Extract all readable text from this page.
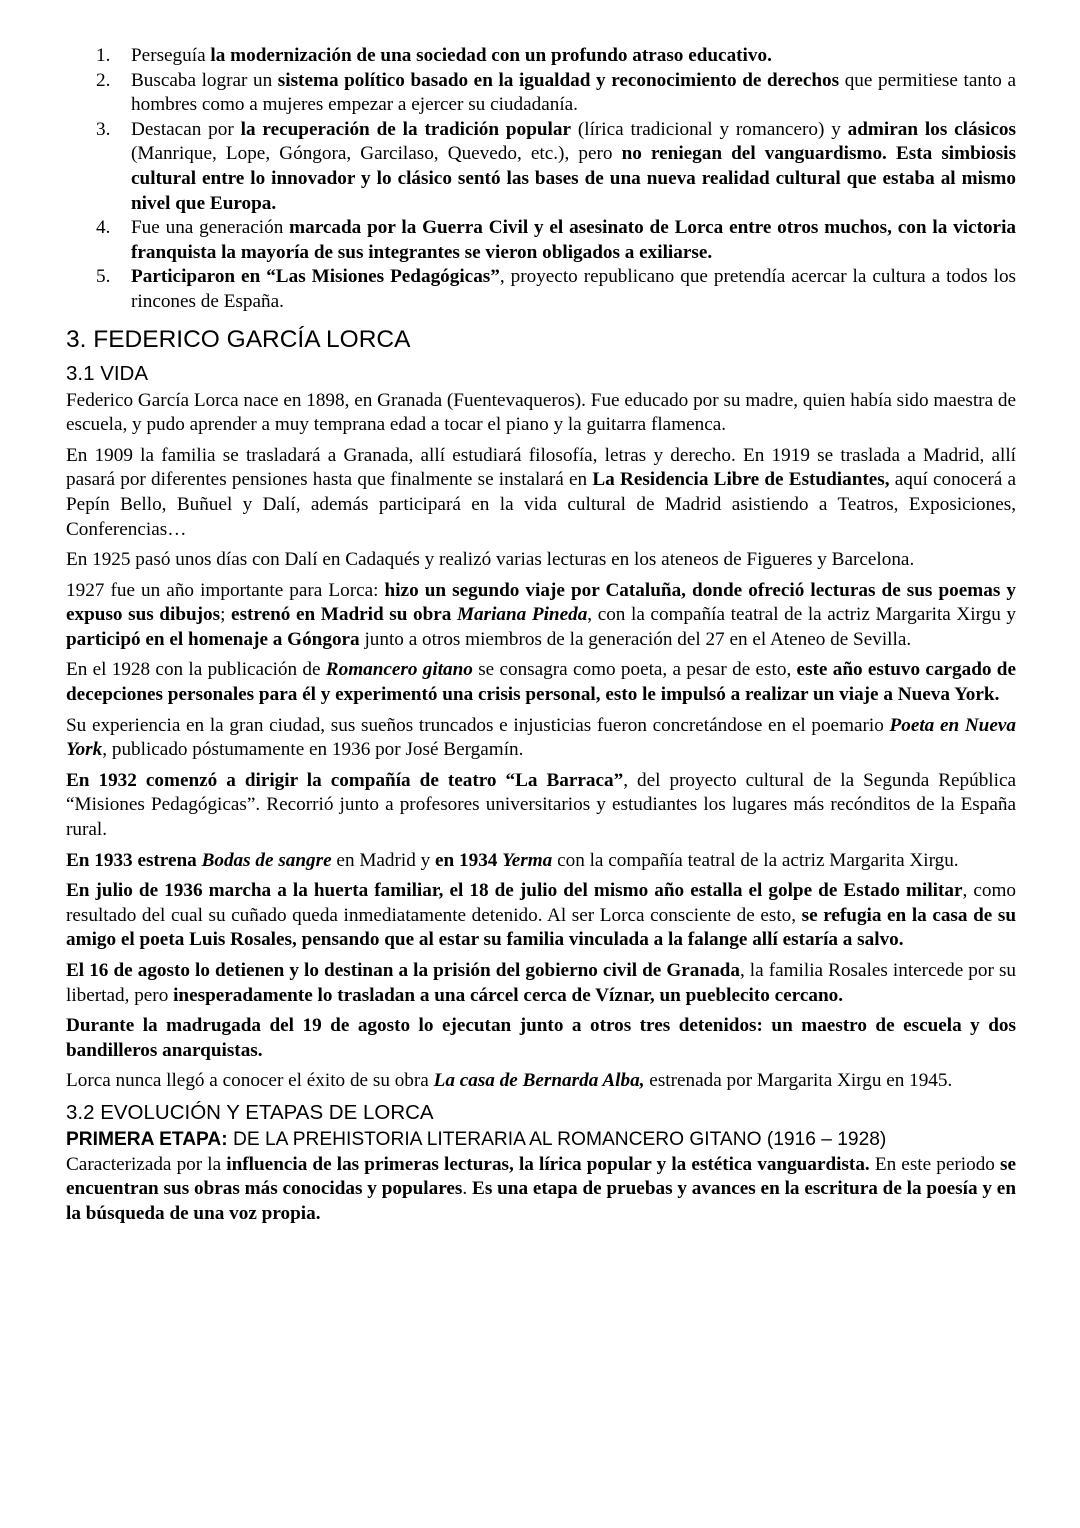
1. Perseguía la modernización de una sociedad con un profundo atraso educativo.
2. Buscaba lograr un sistema político basado en la igualdad y reconocimiento de derechos que permitiese tanto a hombres como a mujeres empezar a ejercer su ciudadanía.
3. Destacan por la recuperación de la tradición popular (lírica tradicional y romancero) y admiran los clásicos (Manrique, Lope, Góngora, Garcilaso, Quevedo, etc.), pero no reniegan del vanguardismo. Esta simbiosis cultural entre lo innovador y lo clásico sentó las bases de una nueva realidad cultural que estaba al mismo nivel que Europa.
4. Fue una generación marcada por la Guerra Civil y el asesinato de Lorca entre otros muchos, con la victoria franquista la mayoría de sus integrantes se vieron obligados a exiliarse.
5. Participaron en “Las Misiones Pedagógicas”, proyecto republicano que pretendía acercar la cultura a todos los rincones de España.
3. FEDERICO GARCÍA LORCA
3.1 VIDA

Federico García Lorca nace en 1898, en Granada (Fuentevaqueros). Fue educado por su madre, quien había sido maestra de escuela, y pudo aprender a muy temprana edad a tocar el piano y la guitarra flamenca.

En 1909 la familia se trasladará a Granada, allí estudiará filosofía, letras y derecho. En 1919 se traslada a Madrid, allí pasará por diferentes pensiones hasta que finalmente se instalará en La Residencia Libre de Estudiantes, aquí conocerá a Pepín Bello, Buñuel y Dalí, además participará en la vida cultural de Madrid asistiendo a Teatros, Exposiciones, Conferencias…

En 1925 pasó unos días con Dalí en Cadaqués y realizó varias lecturas en los ateneos de Figueres y Barcelona.

1927 fue un año importante para Lorca: hizo un segundo viaje por Cataluña, donde ofreció lecturas de sus poemas y expuso sus dibujos; estrenó en Madrid su obra Mariana Pineda, con la compañía teatral de la actriz Margarita Xirgu y participó en el homenaje a Góngora junto a otros miembros de la generación del 27 en el Ateneo de Sevilla.

En el 1928 con la publicación de Romancero gitano se consagra como poeta, a pesar de esto, este año estuvo cargado de decepciones personales para él y experimentó una crisis personal, esto le impulsó a realizar un viaje a Nueva York.

Su experiencia en la gran ciudad, sus sueños truncados e injusticias fueron concretándose en el poemario Poeta en Nueva York, publicado póstumamente en 1936 por José Bergamín.

En 1932 comenzó a dirigir la compañía de teatro “La Barraca”, del proyecto cultural de la Segunda República “Misiones Pedagógicas”. Recorrió junto a profesores universitarios y estudiantes los lugares más recónditos de la España rural.

En 1933 estrena Bodas de sangre en Madrid y en 1934 Yerma con la compañía teatral de la actriz Margarita Xirgu.

En julio de 1936 marcha a la huerta familiar, el 18 de julio del mismo año estalla el golpe de Estado militar, como resultado del cual su cuñado queda inmediatamente detenido. Al ser Lorca consciente de esto, se refugia en la casa de su amigo el poeta Luis Rosales, pensando que al estar su familia vinculada a la falange allí estaría a salvo.

El 16 de agosto lo detienen y lo destinan a la prisión del gobierno civil de Granada, la familia Rosales intercede por su libertad, pero inesperadamente lo trasladan a una cárcel cerca de Víznar, un pueblecito cercano.

Durante la madrugada del 19 de agosto lo ejecutan junto a otros tres detenidos: un maestro de escuela y dos bandilleros anarquistas.

Lorca nunca llegó a conocer el éxito de su obra La casa de Bernarda Alba, estrenada por Margarita Xirgu en 1945.

3.2 EVOLUCIÓN Y ETAPAS DE LORCA
PRIMERA ETAPA: DE LA PREHISTORIA LITERARIA AL ROMANCERO GITANO (1916 – 1928)

Caracterizada por la influencia de las primeras lecturas, la lírica popular y la estética vanguardista. En este periodo se encuentran sus obras más conocidas y populares. Es una etapa de pruebas y avances en la escritura de la poesía y en la búsqueda de una voz propia.
